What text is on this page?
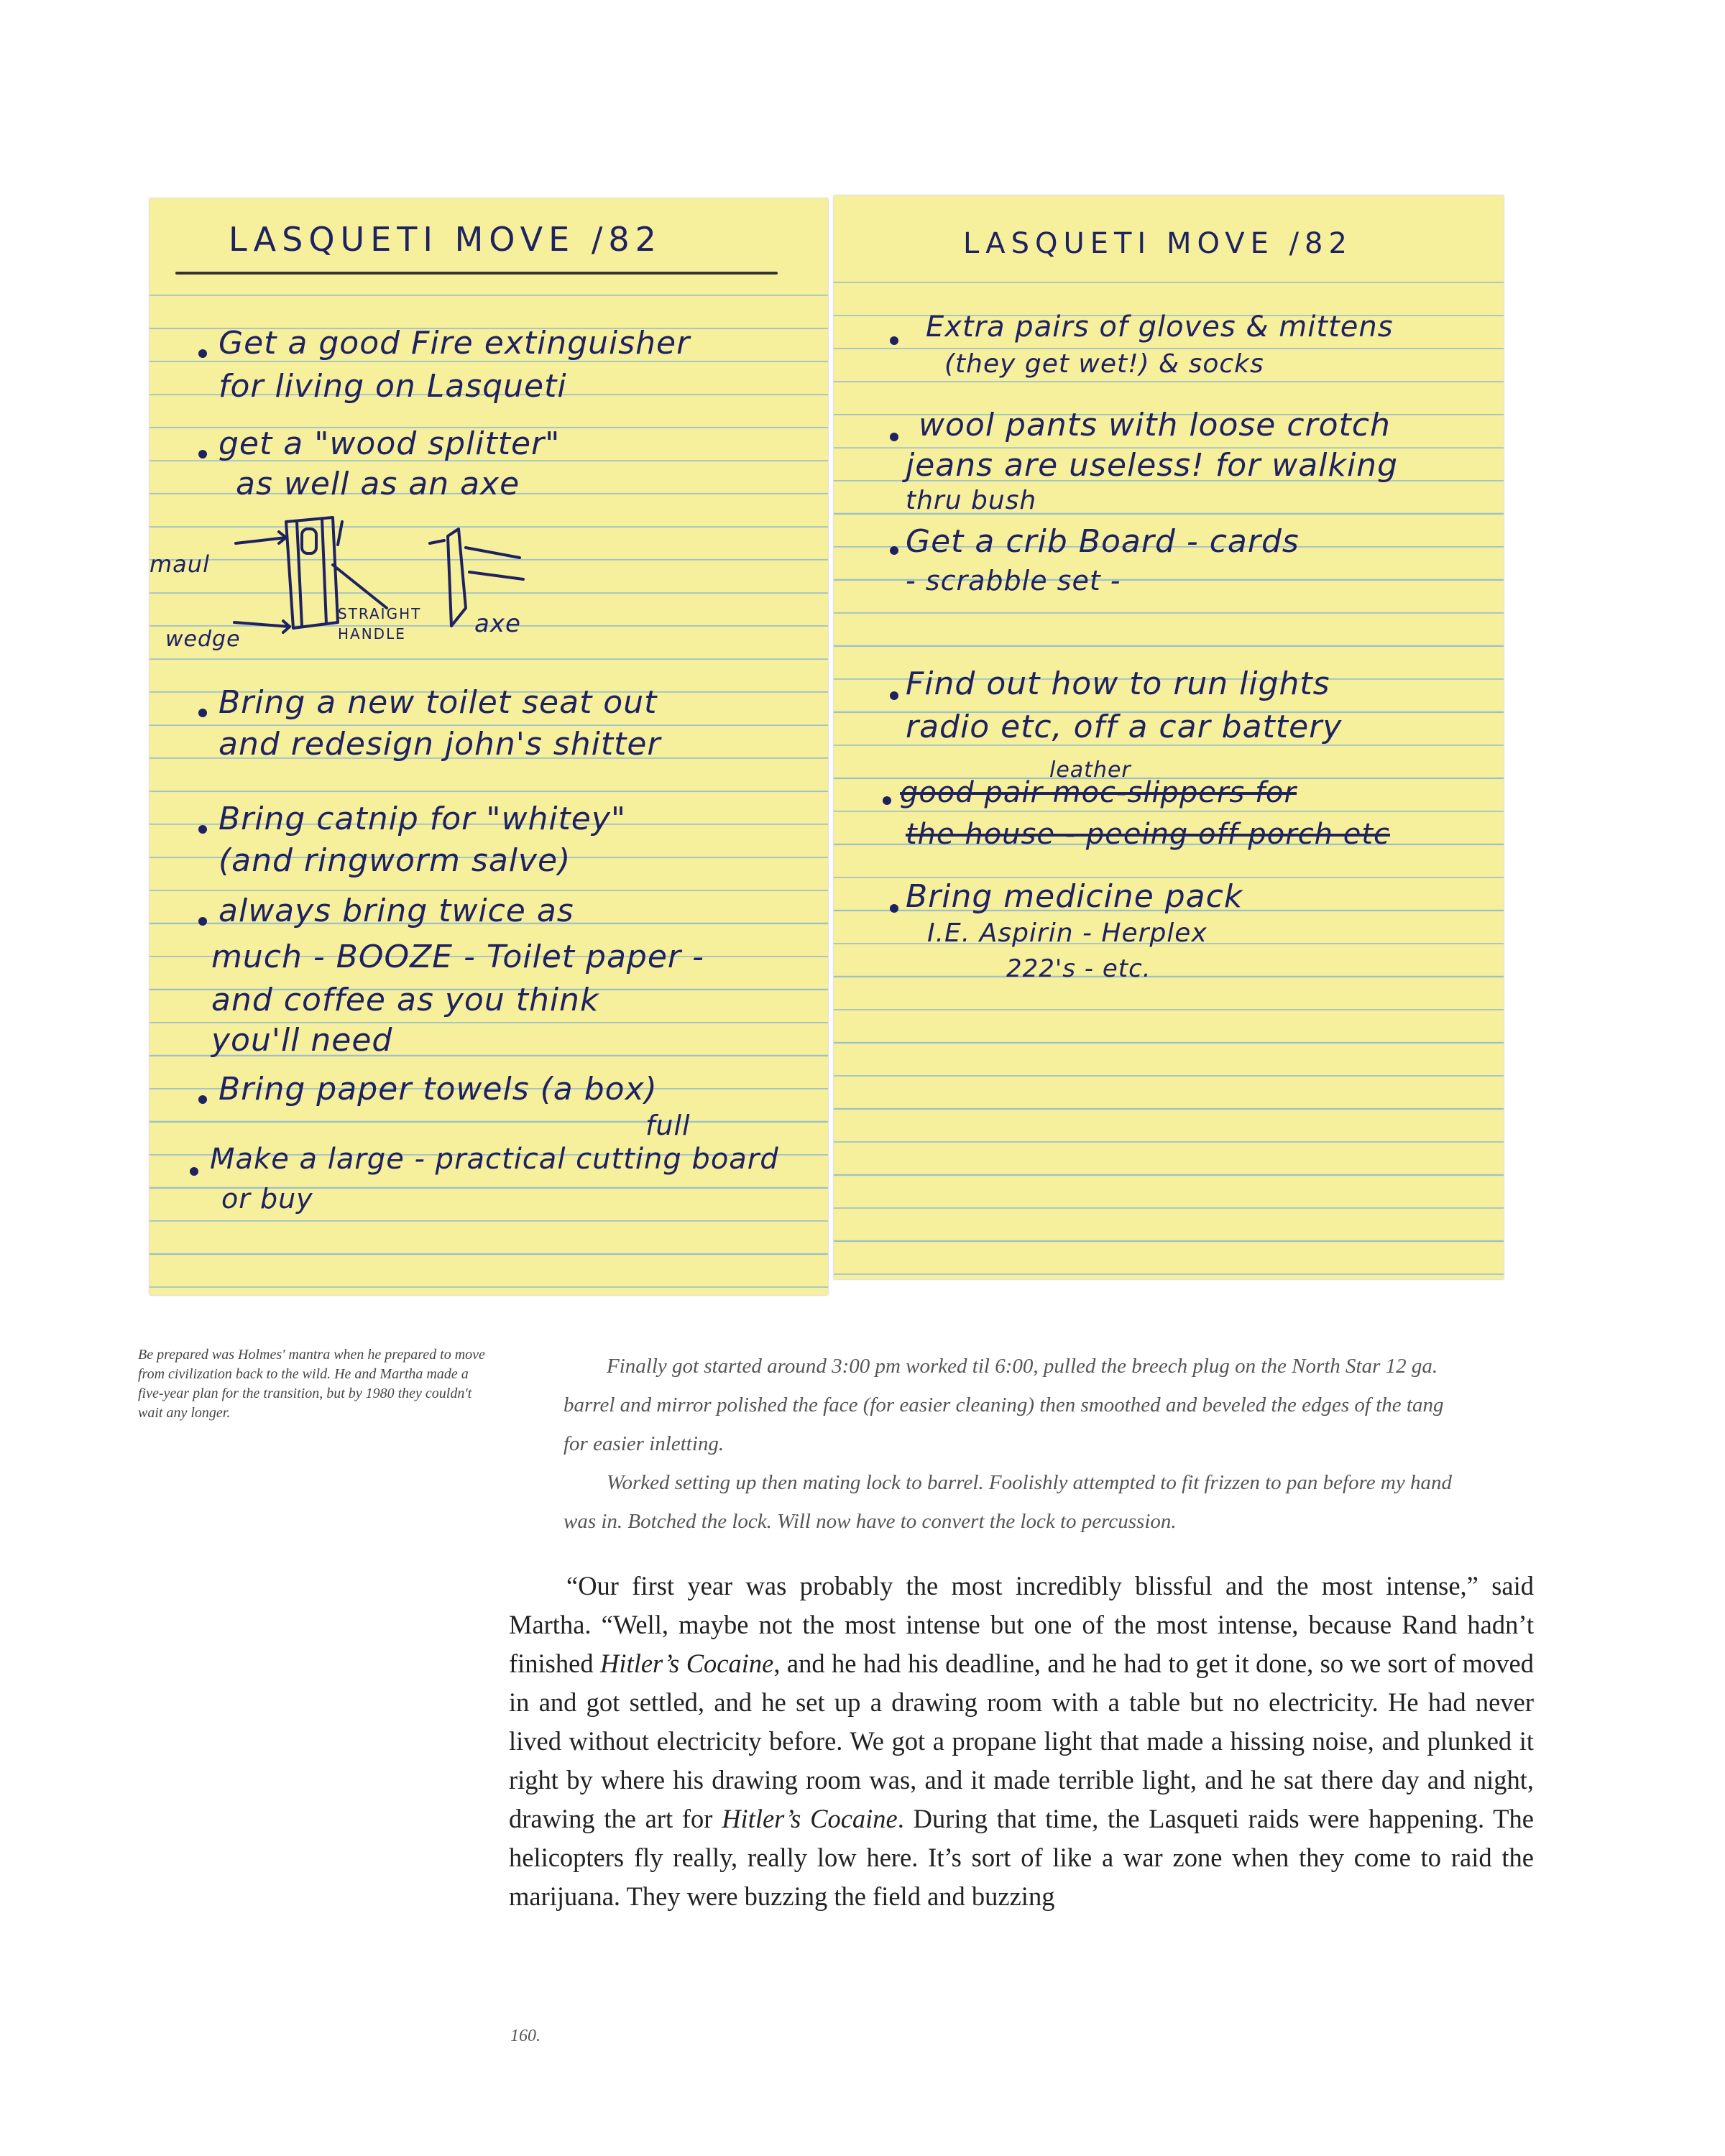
LASQUETI MOVE /82
Get a good Fire extinguisher
for living on Lasqueti
get a "wood splitter"
as well as an axe
maul
wedge
STRAIGHT
HANDLE	axe
Bring a new toilet seat out
and redesign john's shitter
Bring catnip for "whitey"
(and ringworm salve)
always bring twice as
much - BOOZE - Toilet paper -
and coffee as you think
you'll need
Bring paper towels (a box)
full
Make a large - practical cutting board
or buy
LASQUETI MOVE /82
Extra pairs of gloves & mittens
(they get wet!) & socks
wool pants with loose crotch
jeans are useless! for walking
thru bush
Get a crib Board - cards
- scrabble set -
Find out how to run lights
radio etc, off a car battery
leather
good pair moc-slippers for
the house - peeing off porch etc
Bring medicine pack
I.E. Aspirin - Herplex
222's - etc.
Be prepared was Holmes' mantra when he prepared to move from civilization back to the wild. He and Martha made a five-year plan for the transition, but by 1980 they couldn't wait any longer.

Finally got started around 3:00 pm worked til 6:00, pulled the breech plug on the North Star 12 ga. barrel and mirror polished the face (for easier cleaning) then smoothed and beveled the edges of the tang for easier inletting.

Worked setting up then mating lock to barrel. Foolishly attempted to fit frizzen to pan before my hand was in. Botched the lock. Will now have to convert the lock to percussion.

“Our first year was probably the most incredibly blissful and the most intense,” said Martha. “Well, maybe not the most intense but one of the most intense, because Rand hadn’t finished Hitler’s Cocaine, and he had his deadline, and he had to get it done, so we sort of moved in and got settled, and he set up a drawing room with a table but no electricity. He had never lived without electricity before. We got a propane light that made a hissing noise, and plunked it right by where his drawing room was, and it made terrible light, and he sat there day and night, drawing the art for Hitler’s Cocaine. During that time, the Lasqueti raids were happening. The helicopters fly really, really low here. It’s sort of like a war zone when they come to raid the marijuana. They were buzzing the field and buzzing

160.
